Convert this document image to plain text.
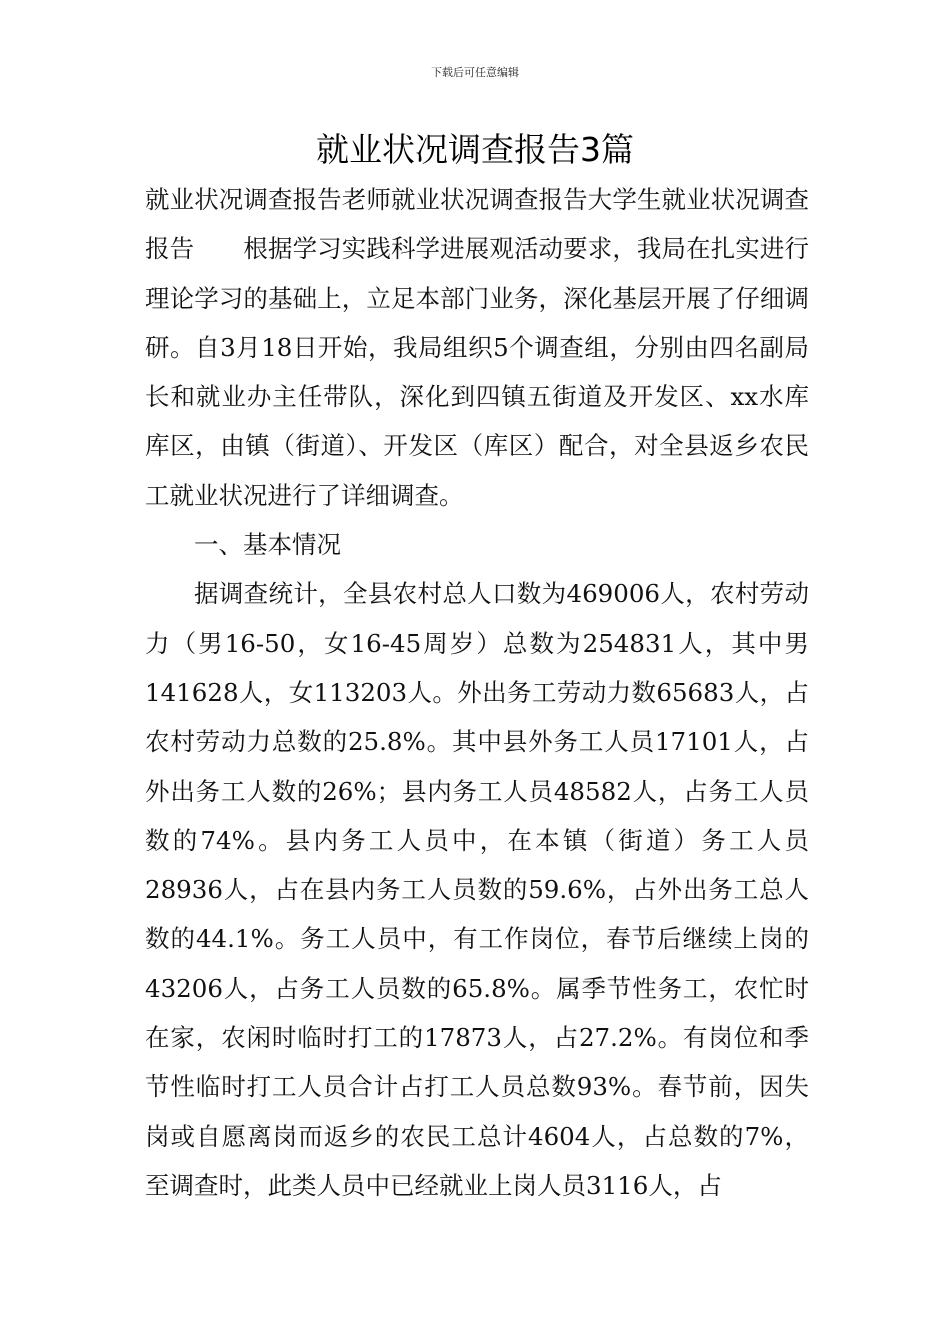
下载后可任意编辑
就业状况调查报告3篇

就业状况调查报告老师就业状况调查报告大学生就业状况调查报告　　根据学习实践科学进展观活动要求，我局在扎实进行理论学习的基础上，立足本部门业务，深化基层开展了仔细调研。自3月18日开始，我局组织5个调查组，分别由四名副局长和就业办主任带队，深化到四镇五街道及开发区、xx水库库区，由镇（街道）、开发区（库区）配合，对全县返乡农民工就业状况进行了详细调查。

一、基本情况

据调查统计，全县农村总人口数为469006人，农村劳动力（男16-50，女16-45周岁）总数为254831人，其中男141628人，女113203人。外出务工劳动力数65683人，占农村劳动力总数的25.8%。其中县外务工人员17101人，占外出务工人数的26%；县内务工人员48582人，占务工人员数的74%。县内务工人员中，在本镇（街道）务工人员28936人，占在县内务工人员数的59.6%，占外出务工总人数的44.1%。务工人员中，有工作岗位，春节后继续上岗的43206人，占务工人员数的65.8%。属季节性务工，农忙时在家，农闲时临时打工的17873人，占27.2%。有岗位和季节性临时打工人员合计占打工人员总数93%。春节前，因失岗或自愿离岗而返乡的农民工总计4604人，占总数的7%，至调查时，此类人员中已经就业上岗人员3116人，占
